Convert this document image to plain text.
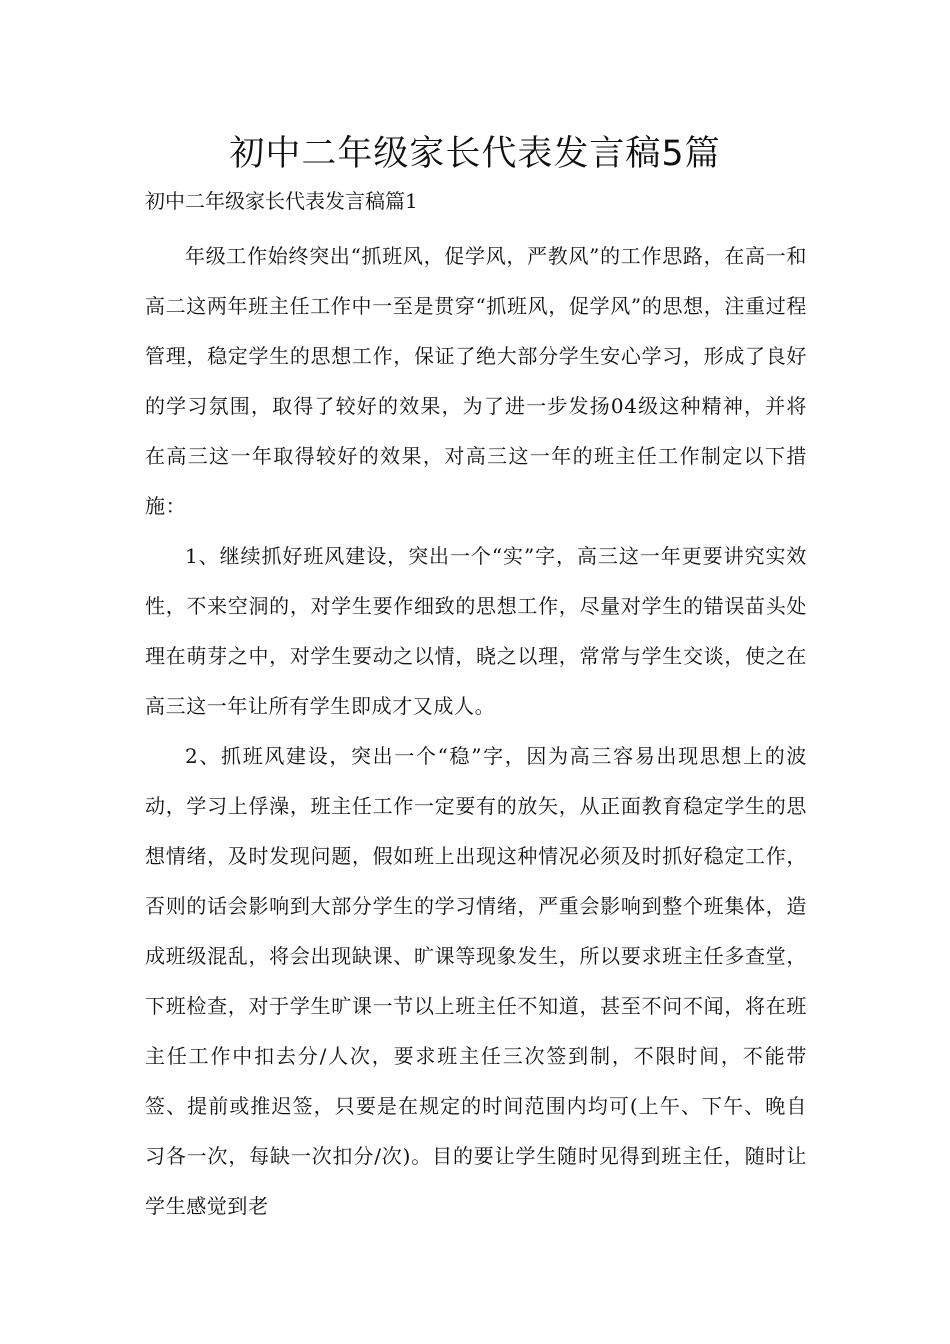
初中二年级家长代表发言稿5篇
初中二年级家长代表发言稿篇1

年级工作始终突出“抓班风，促学风，严教风”的工作思路，在高一和高二这两年班主任工作中一至是贯穿“抓班风，促学风”的思想，注重过程管理，稳定学生的思想工作，保证了绝大部分学生安心学习，形成了良好的学习氛围，取得了较好的效果，为了进一步发扬04级这种精神，并将在高三这一年取得较好的效果，对高三这一年的班主任工作制定以下措施：

1、继续抓好班风建设，突出一个“实”字，高三这一年更要讲究实效性，不来空洞的，对学生要作细致的思想工作，尽量对学生的错误苗头处理在萌芽之中，对学生要动之以情，晓之以理，常常与学生交谈，使之在高三这一年让所有学生即成才又成人。

2、抓班风建设，突出一个“稳”字，因为高三容易出现思想上的波动，学习上俘澡，班主任工作一定要有的放矢，从正面教育稳定学生的思想情绪，及时发现问题，假如班上出现这种情况必须及时抓好稳定工作，否则的话会影响到大部分学生的学习情绪，严重会影响到整个班集体，造成班级混乱，将会出现缺课、旷课等现象发生，所以要求班主任多查堂，下班检查，对于学生旷课一节以上班主任不知道，甚至不问不闻，将在班主任工作中扣去分/人次，要求班主任三次签到制，不限时间，不能带签、提前或推迟签，只要是在规定的时间范围内均可(上午、下午、晚自习各一次，每缺一次扣分/次)。目的要让学生随时见得到班主任，随时让学生感觉到老
